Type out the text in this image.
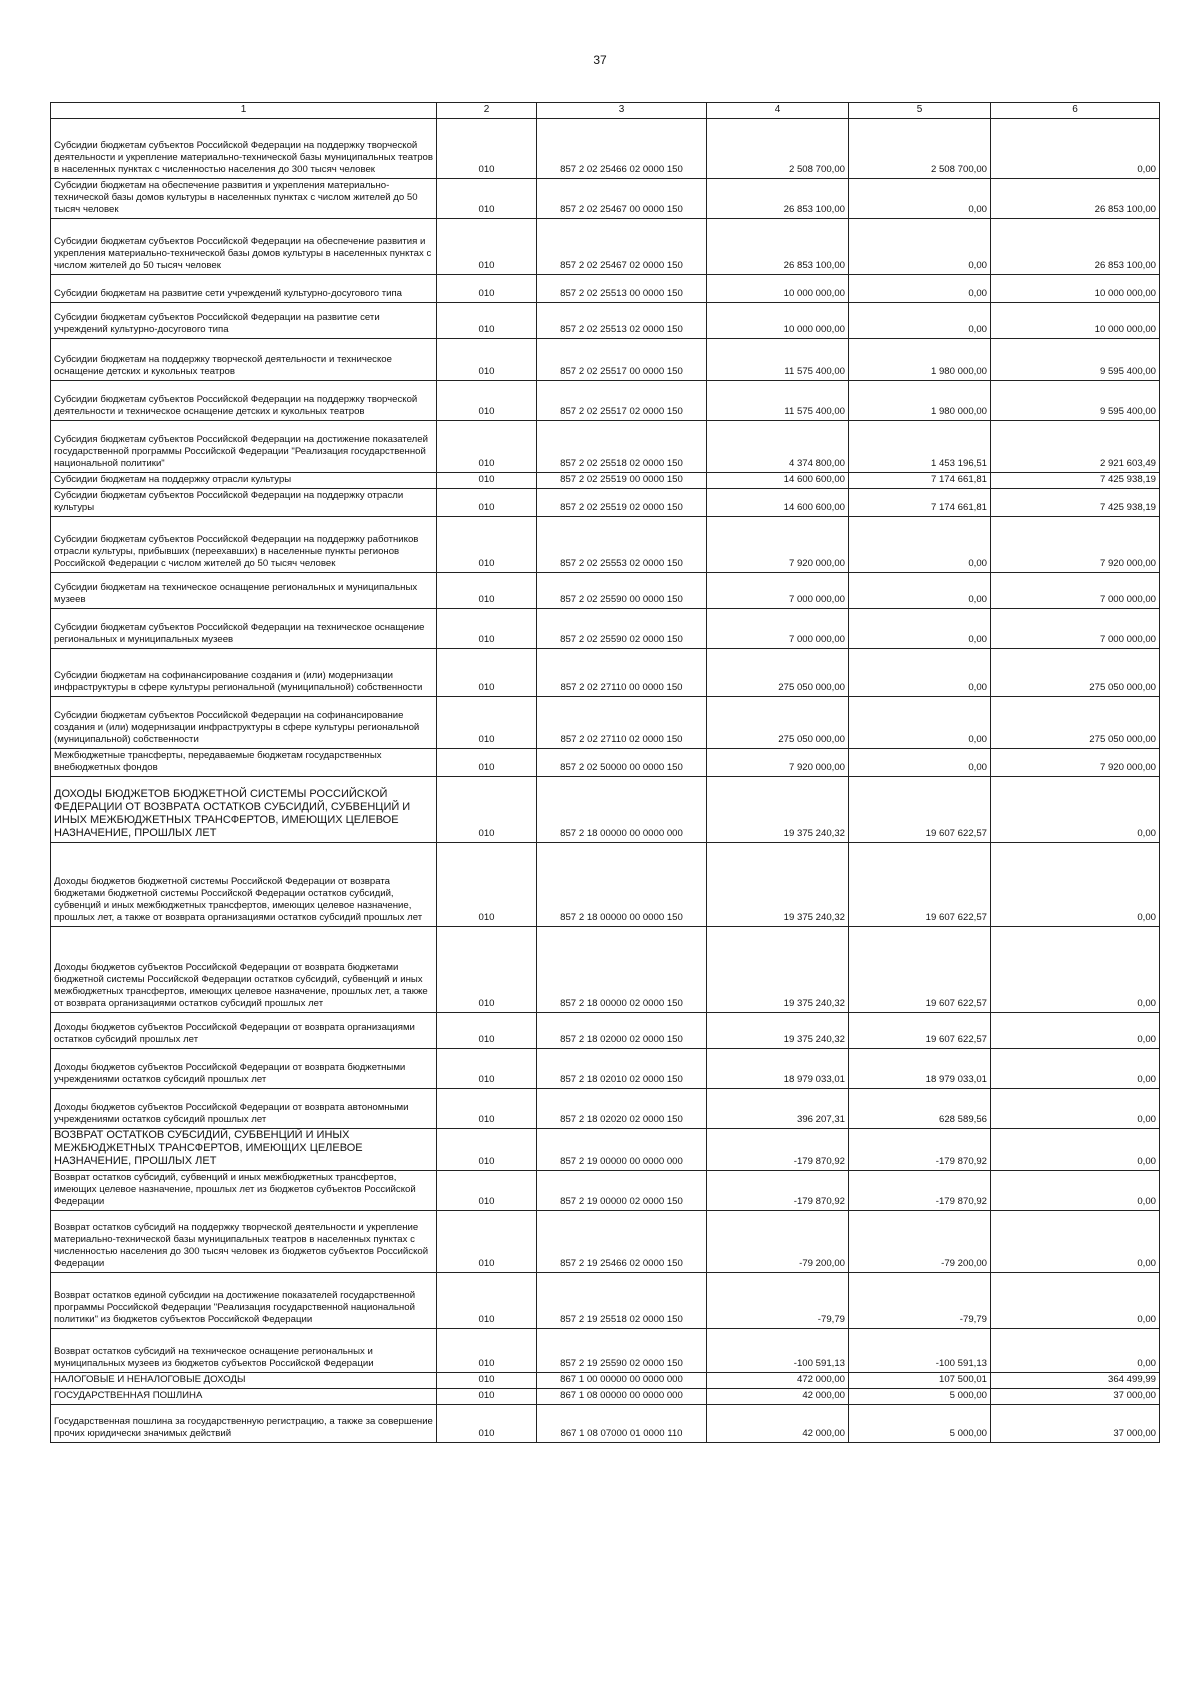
37
1	2	3	4	5	6
Субсидии бюджетам субъектов Российской Федерации на поддержку творческой деятельности и укрепление материально-технической базы муниципальных театров в населенных пунктах с численностью населения до 300 тысяч человек	010	857 2 02 25466 02 0000 150	2 508 700,00	2 508 700,00	0,00
Субсидии бюджетам на обеспечение развития и укрепления материально-технической базы домов культуры в населенных пунктах с числом жителей до 50 тысяч человек	010	857 2 02 25467 00 0000 150	26 853 100,00	0,00	26 853 100,00
Субсидии бюджетам субъектов Российской Федерации на обеспечение развития и укрепления материально-технической базы домов культуры в населенных пунктах с числом жителей до 50 тысяч человек	010	857 2 02 25467 02 0000 150	26 853 100,00	0,00	26 853 100,00
Субсидии бюджетам на развитие сети учреждений культурно-досугового типа	010	857 2 02 25513 00 0000 150	10 000 000,00	0,00	10 000 000,00
Субсидии бюджетам субъектов Российской Федерации на развитие сети учреждений культурно-досугового типа	010	857 2 02 25513 02 0000 150	10 000 000,00	0,00	10 000 000,00
Субсидии бюджетам на поддержку творческой деятельности и техническое оснащение детских и кукольных театров	010	857 2 02 25517 00 0000 150	11 575 400,00	1 980 000,00	9 595 400,00
Субсидии бюджетам субъектов Российской Федерации на поддержку творческой деятельности и техническое оснащение детских и кукольных театров	010	857 2 02 25517 02 0000 150	11 575 400,00	1 980 000,00	9 595 400,00
Субсидия бюджетам субъектов Российской Федерации на достижение показателей государственной программы Российской Федерации "Реализация государственной национальной политики"	010	857 2 02 25518 02 0000 150	4 374 800,00	1 453 196,51	2 921 603,49
Субсидии бюджетам на поддержку отрасли культуры	010	857 2 02 25519 00 0000 150	14 600 600,00	7 174 661,81	7 425 938,19
Субсидии бюджетам субъектов Российской Федерации на поддержку отрасли культуры	010	857 2 02 25519 02 0000 150	14 600 600,00	7 174 661,81	7 425 938,19
Субсидии бюджетам субъектов Российской Федерации на поддержку работников отрасли культуры, прибывших (переехавших) в населенные пункты регионов Российской Федерации с числом жителей до 50 тысяч человек	010	857 2 02 25553 02 0000 150	7 920 000,00	0,00	7 920 000,00
Субсидии бюджетам на техническое оснащение региональных и муниципальных музеев	010	857 2 02 25590 00 0000 150	7 000 000,00	0,00	7 000 000,00
Субсидии бюджетам субъектов Российской Федерации на техническое оснащение региональных и муниципальных музеев	010	857 2 02 25590 02 0000 150	7 000 000,00	0,00	7 000 000,00
Субсидии бюджетам на софинансирование создания и (или) модернизации инфраструктуры в сфере культуры региональной (муниципальной) собственности	010	857 2 02 27110 00 0000 150	275 050 000,00	0,00	275 050 000,00
Субсидии бюджетам субъектов Российской Федерации на софинансирование создания и (или) модернизации инфраструктуры в сфере культуры региональной (муниципальной) собственности	010	857 2 02 27110 02 0000 150	275 050 000,00	0,00	275 050 000,00
Межбюджетные трансферты, передаваемые бюджетам государственных внебюджетных фондов	010	857 2 02 50000 00 0000 150	7 920 000,00	0,00	7 920 000,00
ДОХОДЫ БЮДЖЕТОВ БЮДЖЕТНОЙ СИСТЕМЫ РОССИЙСКОЙ ФЕДЕРАЦИИ ОТ ВОЗВРАТА ОСТАТКОВ СУБСИДИЙ, СУБВЕНЦИЙ И ИНЫХ МЕЖБЮДЖЕТНЫХ ТРАНСФЕРТОВ, ИМЕЮЩИХ ЦЕЛЕВОЕ НАЗНАЧЕНИЕ, ПРОШЛЫХ ЛЕТ	010	857 2 18 00000 00 0000 000	19 375 240,32	19 607 622,57	0,00
Доходы бюджетов бюджетной системы Российской Федерации от возврата бюджетами бюджетной системы Российской Федерации остатков субсидий, субвенций и иных межбюджетных трансфертов, имеющих целевое назначение, прошлых лет, а также от возврата организациями остатков субсидий прошлых лет	010	857 2 18 00000 00 0000 150	19 375 240,32	19 607 622,57	0,00
Доходы бюджетов субъектов Российской Федерации от возврата бюджетами бюджетной системы Российской Федерации остатков субсидий, субвенций и иных межбюджетных трансфертов, имеющих целевое назначение, прошлых лет, а также от возврата организациями остатков субсидий прошлых лет	010	857 2 18 00000 02 0000 150	19 375 240,32	19 607 622,57	0,00
Доходы бюджетов субъектов Российской Федерации от возврата организациями остатков субсидий прошлых лет	010	857 2 18 02000 02 0000 150	19 375 240,32	19 607 622,57	0,00
Доходы бюджетов субъектов Российской Федерации от возврата бюджетными учреждениями остатков субсидий прошлых лет	010	857 2 18 02010 02 0000 150	18 979 033,01	18 979 033,01	0,00
Доходы бюджетов субъектов Российской Федерации от возврата автономными учреждениями остатков субсидий прошлых лет	010	857 2 18 02020 02 0000 150	396 207,31	628 589,56	0,00
ВОЗВРАТ ОСТАТКОВ СУБСИДИЙ, СУБВЕНЦИЙ И ИНЫХ МЕЖБЮДЖЕТНЫХ ТРАНСФЕРТОВ, ИМЕЮЩИХ ЦЕЛЕВОЕ НАЗНАЧЕНИЕ, ПРОШЛЫХ ЛЕТ	010	857 2 19 00000 00 0000 000	-179 870,92	-179 870,92	0,00
Возврат остатков субсидий, субвенций и иных межбюджетных трансфертов, имеющих целевое назначение, прошлых лет из бюджетов субъектов Российской Федерации	010	857 2 19 00000 02 0000 150	-179 870,92	-179 870,92	0,00
Возврат остатков субсидий на поддержку творческой деятельности и укрепление материально-технической базы муниципальных театров в населенных пунктах с численностью населения до 300 тысяч человек из бюджетов субъектов Российской Федерации	010	857 2 19 25466 02 0000 150	-79 200,00	-79 200,00	0,00
Возврат остатков единой субсидии на достижение показателей государственной программы Российской Федерации "Реализация государственной национальной политики" из бюджетов субъектов Российской Федерации	010	857 2 19 25518 02 0000 150	-79,79	-79,79	0,00
Возврат остатков субсидий на техническое оснащение региональных и муниципальных музеев из бюджетов субъектов Российской Федерации	010	857 2 19 25590 02 0000 150	-100 591,13	-100 591,13	0,00
НАЛОГОВЫЕ И НЕНАЛОГОВЫЕ ДОХОДЫ	010	867 1 00 00000 00 0000 000	472 000,00	107 500,01	364 499,99
ГОСУДАРСТВЕННАЯ ПОШЛИНА	010	867 1 08 00000 00 0000 000	42 000,00	5 000,00	37 000,00
Государственная пошлина за государственную регистрацию, а также за совершение прочих юридически значимых действий	010	867 1 08 07000 01 0000 110	42 000,00	5 000,00	37 000,00
